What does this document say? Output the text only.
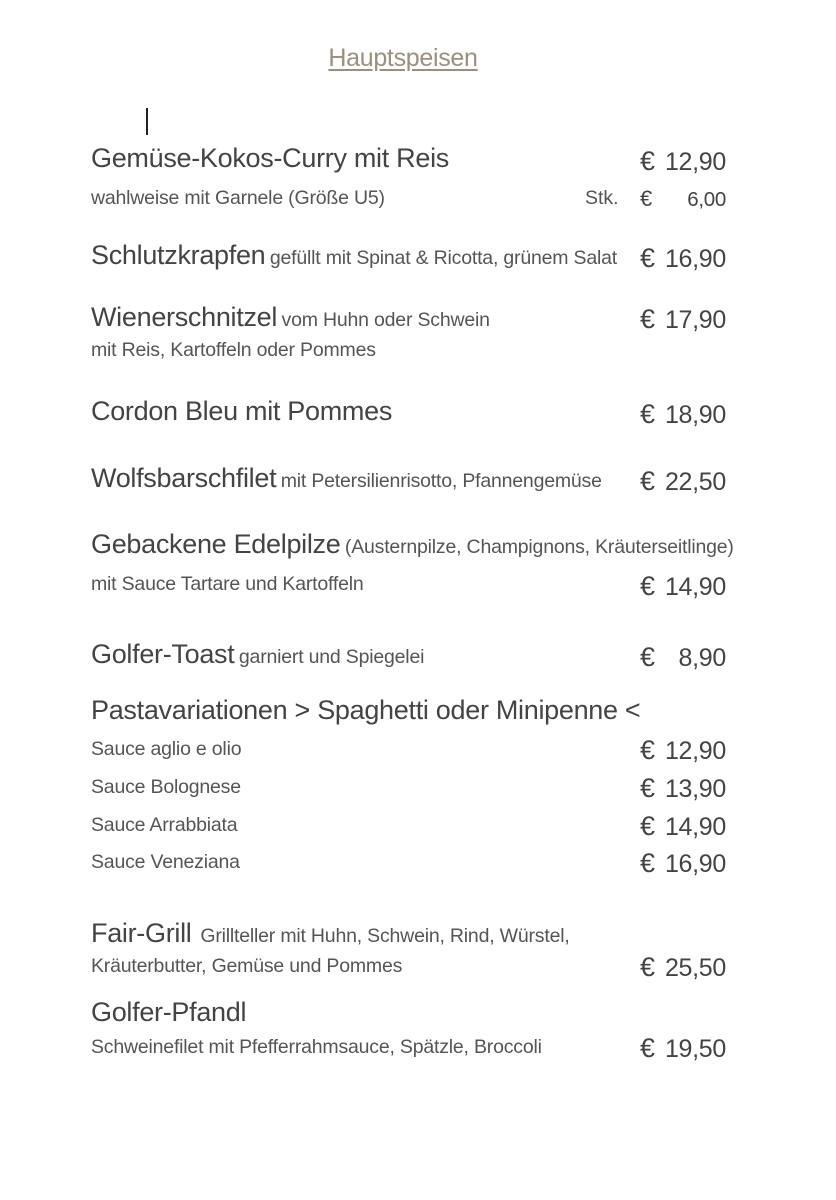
Hauptspeisen
Gemüse-Kokos-Curry mit Reis	€ 12,90
wahlweise mit Garnele (Größe U5)	Stk. € 6,00
Schlutzkrapfen gefüllt mit Spinat & Ricotta, grünem Salat € 16,90
Wienerschnitzel vom Huhn oder Schwein	€ 17,90
mit Reis, Kartoffeln oder Pommes
Cordon Bleu mit Pommes	€ 18,90
Wolfsbarschfilet mit Petersilienrisotto, Pfannengemüse	€ 22,50
Gebackene Edelpilze (Austernpilze, Champignons, Kräuterseitlinge)
mit Sauce Tartare und Kartoffeln	€ 14,90
Golfer-Toast garniert und Spiegelei	€ 8,90
Pastavariationen > Spaghetti oder Minipenne <
Sauce aglio e olio	€ 12,90
Sauce Bolognese	€ 13,90
Sauce Arrabbiata	€ 14,90
Sauce Veneziana	€ 16,90
Fair-Grill Grillteller mit Huhn, Schwein, Rind, Würstel,
Kräuterbutter, Gemüse und Pommes	€ 25,50
Golfer-Pfandl
Schweinefilet mit Pfefferrahmsauce, Spätzle, Broccoli	€ 19,50
